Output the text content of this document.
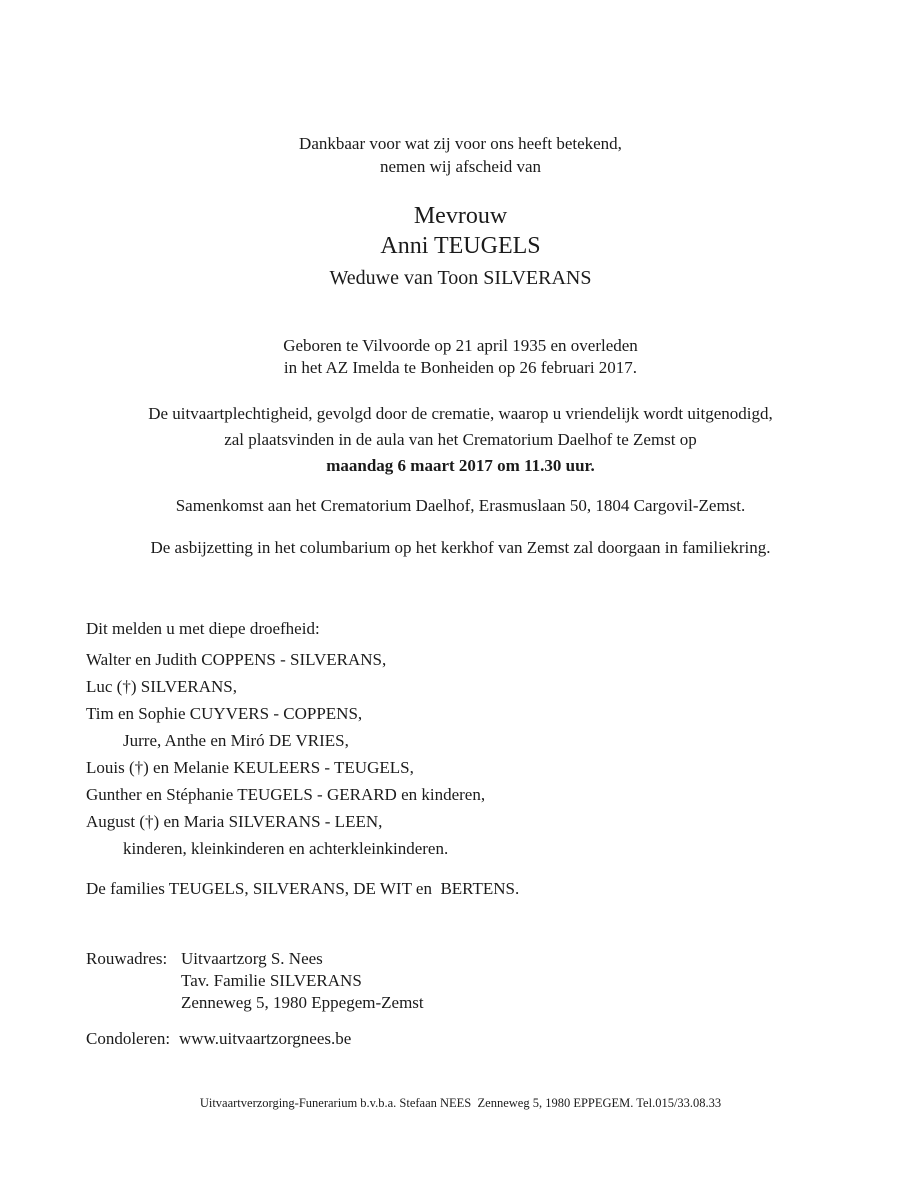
Dankbaar voor wat zij voor ons heeft betekend,
nemen wij afscheid van
Mevrouw
Anni TEUGELS
Weduwe van Toon SILVERANS
Geboren te Vilvoorde op 21 april 1935 en overleden
in het AZ Imelda te Bonheiden op 26 februari 2017.
De uitvaartplechtigheid, gevolgd door de crematie, waarop u vriendelijk wordt uitgenodigd,
zal plaatsvinden in de aula van het Crematorium Daelhof te Zemst op
maandag 6 maart 2017 om 11.30 uur.
Samenkomst aan het Crematorium Daelhof, Erasmuslaan 50, 1804 Cargovil-Zemst.
De asbijzetting in het columbarium op het kerkhof van Zemst zal doorgaan in familiekring.
Dit melden u met diepe droefheid:
Walter en Judith COPPENS - SILVERANS,
Luc (†) SILVERANS,
Tim en Sophie CUYVERS - COPPENS,
Jurre, Anthe en Miró DE VRIES,
Louis (†) en Melanie KEULEERS - TEUGELS,
Gunther en Stéphanie TEUGELS - GERARD en kinderen,
August (†) en Maria SILVERANS - LEEN,
kinderen, kleinkinderen en achterkleinkinderen.
De families TEUGELS, SILVERANS, DE WIT en  BERTENS.
Rouwadres: Uitvaartzorg S. Nees
Tav. Familie SILVERANS
Zenneweg 5, 1980 Eppegem-Zemst
Condoleren: www.uitvaartzorgnees.be
Uitvaartverzorging-Funerarium b.v.b.a. Stefaan NEES  Zenneweg 5, 1980 EPPEGEM. Tel.015/33.08.33
